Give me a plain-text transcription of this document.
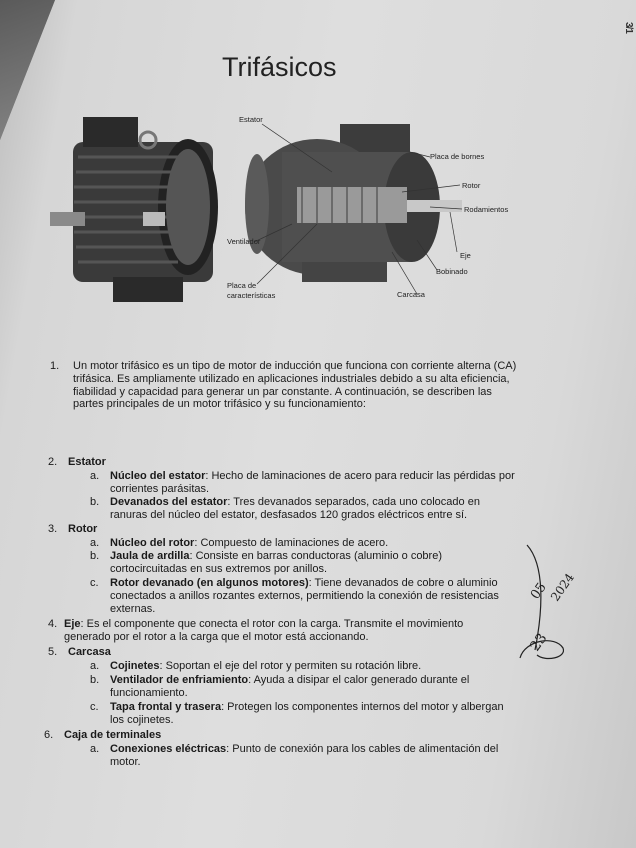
3/1
Trifásicos
Estator
Placa de bornes
Rotor
Rodamientos
Ventilador
Eje
Bobinado
Placa de
características	Carcasa
1. Un motor trifásico es un tipo de motor de inducción que funciona con corriente alterna (CA)
trifásica. Es ampliamente utilizado en aplicaciones industriales debido a su alta eficiencia,
fiabilidad y capacidad para generar un par constante. A continuación, se describen las
partes principales de un motor trifásico y su funcionamiento:
2. Estator
a. Núcleo del estator: Hecho de laminaciones de acero para reducir las pérdidas por
corrientes parásitas.
b. Devanados del estator: Tres devanados separados, cada uno colocado en
ranuras del núcleo del estator, desfasados 120 grados eléctricos entre sí.
3. Rotor
a. Núcleo del rotor: Compuesto de laminaciones de acero.
b. Jaula de ardilla: Consiste en barras conductoras (aluminio o cobre)
cortocircuitadas en sus extremos por anillos.
c. Rotor devanado (en algunos motores): Tiene devanados de cobre o aluminio
conectados a anillos rozantes externos, permitiendo la conexión de resistencias
externas.
4. Eje: Es el componente que conecta el rotor con la carga. Transmite el movimiento
generado por el rotor a la carga que el motor está accionando.
5. Carcasa
a. Cojinetes: Soportan el eje del rotor y permiten su rotación libre.
b. Ventilador de enfriamiento: Ayuda a disipar el calor generado durante el
funcionamiento.
c. Tapa frontal y trasera: Protegen los componentes internos del motor y albergan
los cojinetes.
6. Caja de terminales
a. Conexiones eléctricas: Punto de conexión para los cables de alimentación del
motor.
05
2024
23
